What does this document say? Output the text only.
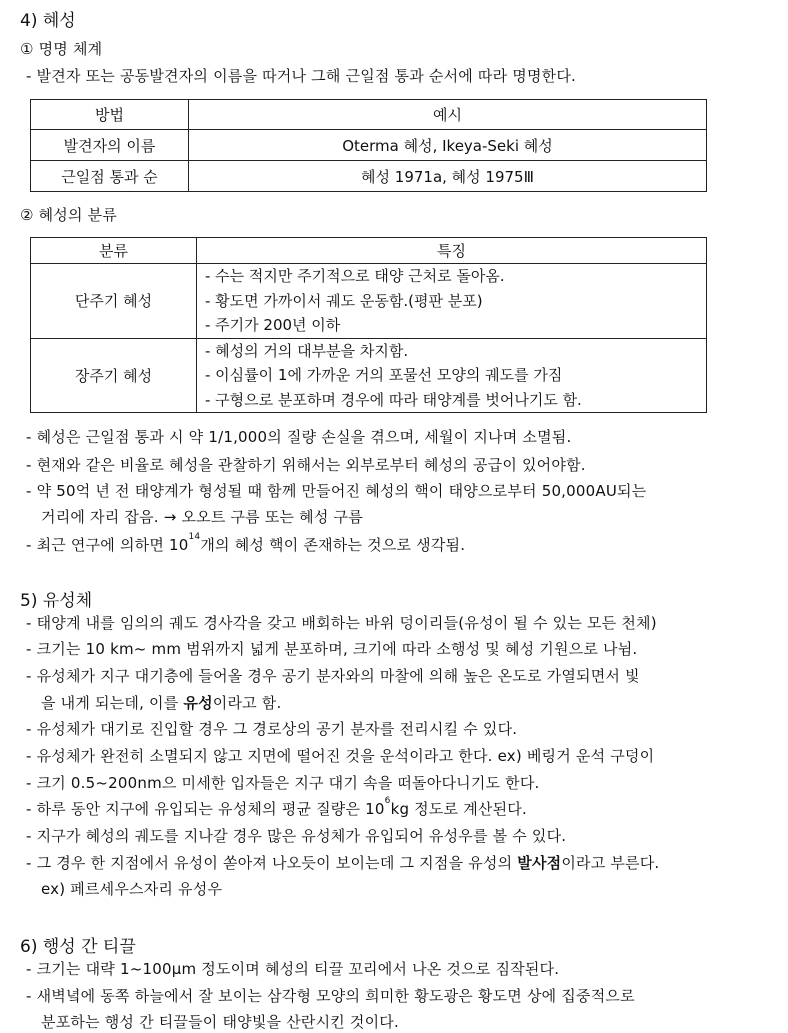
4) 혜성
① 명명 체계
- 발견자 또는 공동발견자의 이름을 따거나 그해 근일점 통과 순서에 따라 명명한다.
방법	예시
발견자의 이름	Oterma 혜성, Ikeya-Seki 혜성
근일점 통과 순	혜성 1971a, 혜성 1975Ⅲ
② 혜성의 분류
분류	특징
단주기 혜성	- 수는 적지만 주기적으로 태양 근처로 돌아옴.
- 황도면 가까이서 궤도 운동함.(평판 분포)
- 주기가 200년 이하

장주기 혜성	- 혜성의 거의 대부분을 차지함.
- 이심률이 1에 가까운 거의 포물선 모양의 궤도를 가짐
- 구형으로 분포하며 경우에 따라 태양계를 벗어나기도 함.
- 혜성은 근일점 통과 시 약 1/1,000의 질량 손실을 겪으며, 세월이 지나며 소멸됨.
- 현재와 같은 비율로 혜성을 관찰하기 위해서는 외부로부터 혜성의 공급이 있어야함.
- 약 50억 년 전 태양계가 형성될 때 함께 만들어진 혜성의 핵이 태양으로부터 50,000AU되는
거리에 자리 잡음. → 오오트 구름 또는 혜성 구름
- 최근 연구에 의하면 $10^{14}$개의 혜성 핵이 존재하는 것으로 생각됨.
5) 유성체
- 태양계 내를 임의의 궤도 경사각을 갖고 배회하는 바위 덩이리들(유성이 될 수 있는 모든 천체)
- 크기는 10 km~ mm 범위까지 넓게 분포하며, 크기에 따라 소행성 및 혜성 기원으로 나뉨.
- 유성체가 지구 대기층에 들어올 경우 공기 분자와의 마찰에 의해 높은 온도로 가열되면서 빛
을 내게 되는데, 이를 유성이라고 함.
- 유성체가 대기로 진입할 경우 그 경로상의 공기 분자를 전리시킬 수 있다.
- 유성체가 완전히 소멸되지 않고 지면에 떨어진 것을 운석이라고 한다. ex) 베링거 운석 구덩이
- 크기 0.5~200nm으 미세한 입자들은 지구 대기 속을 떠돌아다니기도 한다.
- 하루 동안 지구에 유입되는 유성체의 평균 질량은 $10^6kg$ 정도로 계산된다.
- 지구가 혜성의 궤도를 지나갈 경우 많은 유성체가 유입되어 유성우를 볼 수 있다.
- 그 경우 한 지점에서 유성이 쏟아져 나오듯이 보이는데 그 지점을 유성의 발사점이라고 부른다.
ex) 페르세우스자리 유성우
6) 행성 간 티끌
- 크기는 대략 1~100μm 정도이며 혜성의 티끌 꼬리에서 나온 것으로 짐작된다.
- 새벽녘에 동쪽 하늘에서 잘 보이는 삼각형 모양의 희미한 황도광은 황도면 상에 집중적으로
분포하는 행성 간 티끌들이 태양빛을 산란시킨 것이다.
